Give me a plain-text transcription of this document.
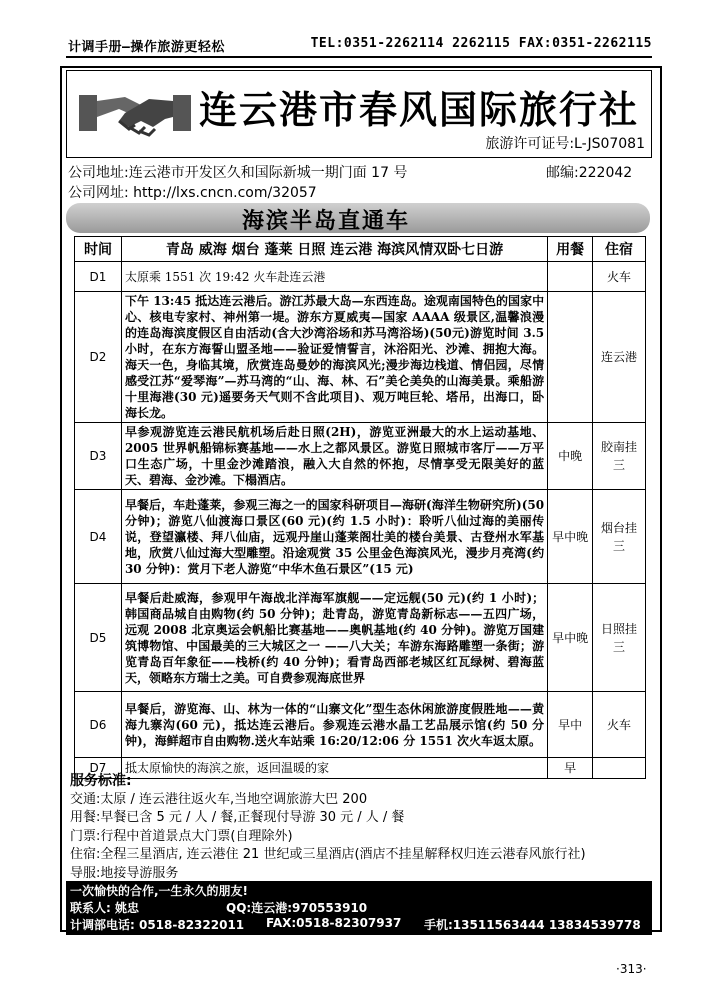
计调手册—操作旅游更轻松	TEL:0351-2262114 2262115 FAX:0351-2262115
连云港市春风国际旅行社
旅游许可证号:L-JS07081
公司地址:连云港市开发区久和国际新城一期门面 17 号	邮编:222042
公司网址: http://lxs.cncn.com/32057
海滨半岛直通车
时间	青岛 威海 烟台 蓬莱 日照 连云港 海滨风情双卧七日游	用餐	住宿
D1	太原乘 1551 次 19:42 火车赴连云港		火车
D2	下午 13:45 抵达连云港后。游江苏最大岛—东西连岛。途观南国特色的国家中心、核电专家村、神州第一堤。游东方夏威夷—国家 AAAA 级景区,温馨浪漫的连岛海滨度假区自由活动(含大沙湾浴场和苏马湾浴场)(50元)游览时间 3.5 小时，在东方海誓山盟圣地——验证爱情誓言，沐浴阳光、沙滩、拥抱大海。海天一色，身临其境，欣赏连岛曼妙的海滨风光;漫步海边栈道、情侣园，尽情感受江苏“爱琴海”—苏马湾的“山、海、林、石”美仑美奂的山海美景。乘船游十里海港(30 元)遥要务天气则不含此项目)、观万吨巨轮、塔吊，出海口，卧海长龙。		连云港
D3	早参观游览连云港民航机场后赴日照(2H)，游览亚洲最大的水上运动基地、2005 世界帆船锦标赛基地——水上之都风景区。游览日照城市客厅——万平口生态广场，十里金沙滩踏浪，融入大自然的怀抱，尽情享受无限美好的蓝天、碧海、金沙滩。下榻酒店。	中晚	胶南挂三
D4	早餐后，车赴蓬莱，参观三海之一的国家科研项目—海研(海洋生物研究所)(50 分钟)；游览八仙渡海口景区(60 元)(约 1.5 小时)：聆听八仙过海的美丽传说，登望瀛楼、拜八仙庙，远观丹崖山蓬莱阁壮美的楼台美景、古登州水军基地，欣赏八仙过海大型雕塑。沿途观赏 35 公里金色海滨风光，漫步月亮湾(约 30 分钟)：赏月下老人游览“中华木鱼石景区”(15 元)	早中晚	烟台挂三
D5	早餐后赴威海，参观甲午海战北洋海军旗舰——定远舰(50 元)(约 1 小时)；韩国商品城自由购物(约 50 分钟)；赴青岛，游览青岛新标志——五四广场，远观 2008 北京奥运会帆船比赛基地——奥帆基地(约 40 分钟)。游览万国建筑博物馆、中国最美的三大城区之一 ——八大关；车游东海路雕塑一条街；游览青岛百年象征——栈桥(约 40 分钟)；看青岛西部老城区红瓦绿树、碧海蓝天，领略东方瑞士之美。可自费参观海底世界	早中晚	日照挂三
D6	早餐后，游览海、山、林为一体的“山寨文化”型生态休闲旅游度假胜地——黄海九寨沟(60 元)，抵达连云港后。参观连云港水晶工艺品展示馆(约 50 分钟)，海鲜超市自由购物.送火车站乘 16:20/12:06 分 1551 次火车返太原。	早中	火车
D7	抵太原愉快的海滨之旅，返回温暖的家	早	
服务标准:
交通:太原 / 连云港往返火车,当地空调旅游大巴 200
用餐:早餐已含 5 元 / 人 / 餐,正餐现付导游 30 元 / 人 / 餐
门票:行程中首道景点大门票(自理除外)
住宿:全程三星酒店, 连云港住 21 世纪或三星酒店(酒店不挂星解释权归连云港春风旅行社)
导服:地接导游服务
一次愉快的合作,一生永久的朋友!
联系人: 姚忠	QQ:连云港:970553910
计调部电话: 0518-82322011 FAX:0518-82307937 手机:13511563444 13834539778
·313·
